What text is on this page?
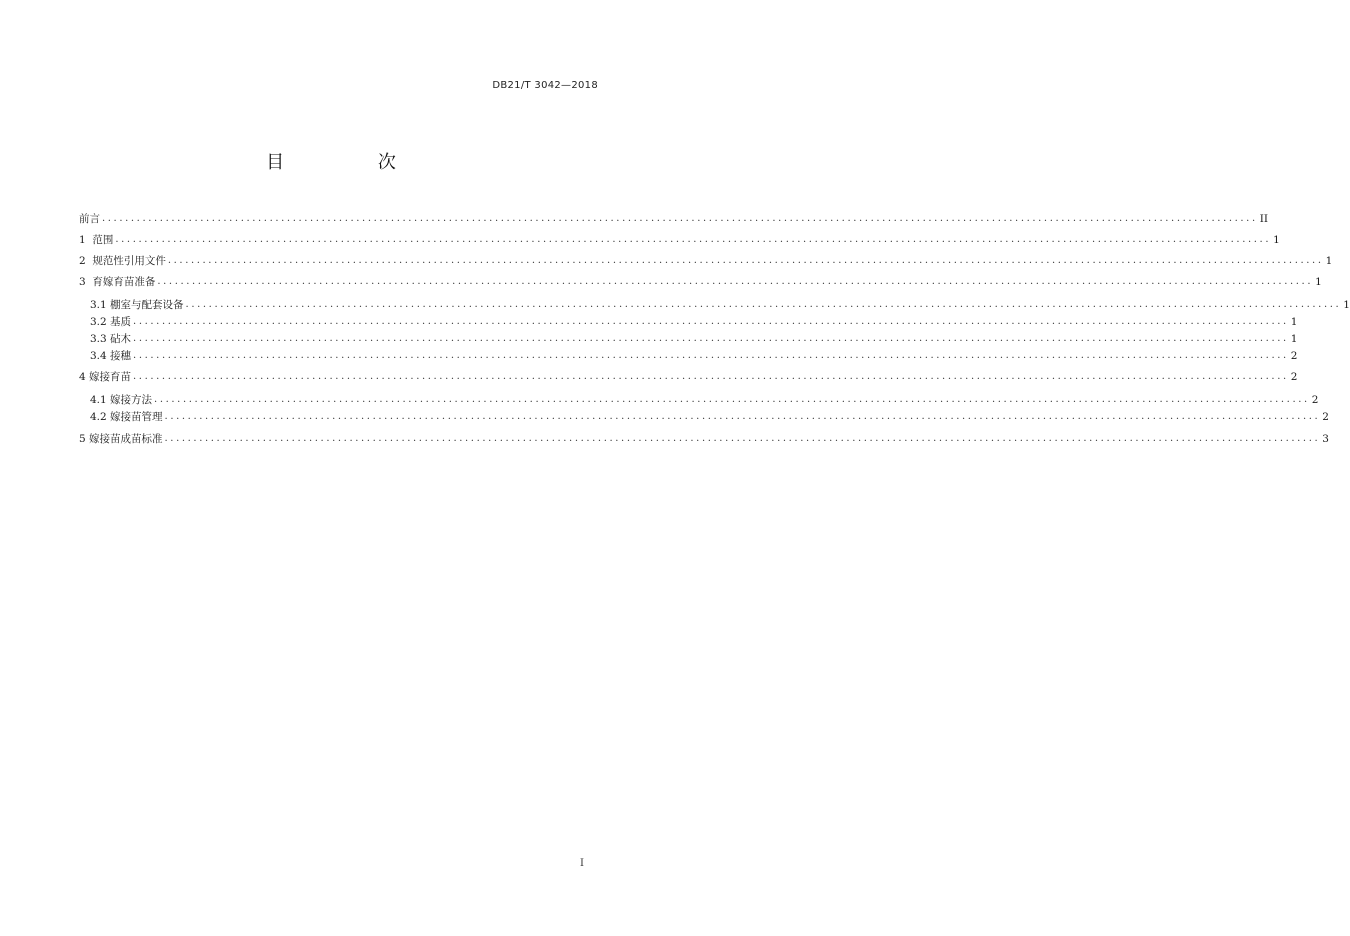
DB21/T 3042—2018
目 次
前言 ........................................................................................................................................................................................................ II
1  范围 ........................................................................................................................................................................................................ 1
2  规范性引用文件 ........................................................................................................................................................................................................ 1
3  育嫁育苗准备 ........................................................................................................................................................................................................ 1
3.1 棚室与配套设备 ........................................................................................................................................................................................................ 1
3.2 基质 ........................................................................................................................................................................................................ 1
3.3 砧木 ........................................................................................................................................................................................................ 1
3.4 接穗 ........................................................................................................................................................................................................ 2
4 嫁接育苗 ........................................................................................................................................................................................................ 2
4.1 嫁接方法 ........................................................................................................................................................................................................ 2
4.2 嫁接苗管理 ........................................................................................................................................................................................................ 2
5 嫁接苗成苗标准 ........................................................................................................................................................................................................ 3
I
